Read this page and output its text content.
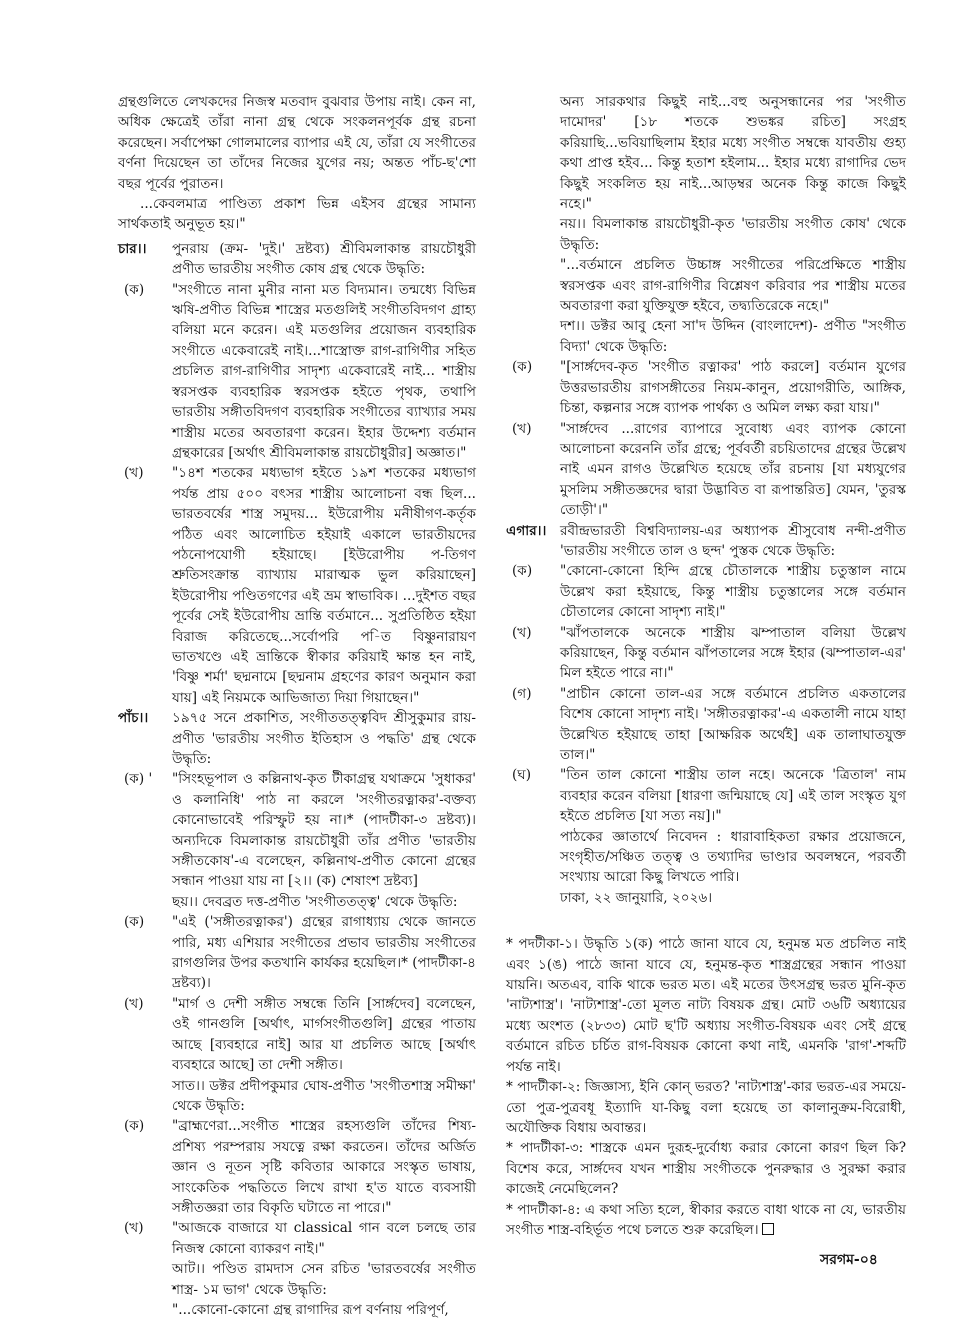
গ্রন্থগুলিতে লেখকদের নিজস্ব মতবাদ বুঝবার উপায় নাই। কেন না, অধিক ক্ষেত্রেই তাঁরা নানা গ্রন্থ থেকে সংকলনপূর্বক গ্রন্থ রচনা করেছেন। সর্বাপেক্ষা গোলমালের ব্যাপার এই যে, তাঁরা যে সংগীতের বর্ণনা দিয়েছেন তা তাঁদের নিজের যুগের নয়; অন্তত পাঁচ-ছ'শো বছর পূর্বের পুরাতন।

...কেবলমাত্র পাণ্ডিত্য প্রকাশ ভিন্ন এইসব গ্রন্থের সামান্য সার্থকতাই অনুভূত হয়।"

চার।।	পুনরায় (ক্রম- 'দুই।' দ্রষ্টব্য) শ্রীবিমলাকান্ত রায়চৌধুরী প্রণীত ভারতীয় সংগীত কোষ গ্রন্থ থেকে উদ্ধৃতি:
(ক)	"সংগীতে নানা মুনীর নানা মত বিদ্যমান। তন্মধ্যে বিভিন্ন ঋষি-প্রণীত বিভিন্ন শাস্ত্রের মতগুলিই সংগীতবিদগণ গ্রাহ্য বলিয়া মনে করেন। এই মতগুলির প্রয়োজন ব্যবহারিক সংগীতে একেবারেই নাই।...শাস্ত্রোক্ত রাগ-রাগিণীর সহিত প্রচলিত রাগ-রাগিণীর সাদৃশ্য একেবারেই নাই... শাস্ত্রীয় স্বরসপ্তক ব্যবহারিক স্বরসপ্তক হইতে পৃথক, তথাপি ভারতীয় সঙ্গীতবিদগণ ব্যবহারিক সংগীতের ব্যাখ্যার সময় শাস্ত্রীয় মতের অবতারণা করেন। ইহার উদ্দেশ্য বর্তমান গ্রন্থকারের [অর্থাৎ শ্রীবিমলাকান্ত রায়চৌধুরীর] অজ্ঞাত।"
(খ)	"১৪শ শতকের মধ্যভাগ হইতে ১৯শ শতকের মধ্যভাগ পর্যন্ত প্রায় ৫০০ বৎসর শাস্ত্রীয় আলোচনা বন্ধ ছিল... ভারতবর্ষের শাস্ত্র সমুদয়... ইউরোপীয় মনীষীগণ-কর্তৃক পঠিত এবং আলোচিত হইয়াই একালে ভারতীয়দের পঠনোপযোগী হইয়াছে। [ইউরোপীয় প-তিগণ শ্রুতিসংক্রান্ত ব্যাখ্যায় মারাত্মক ভুল করিয়াছেন] ইউরোপীয় পণ্ডিতগণের এই ভ্রম স্বাভাবিক। ...দুইশত বছর পূর্বের সেই ইউরোপীয় ভ্রান্তি বর্তমানে... সুপ্রতিষ্ঠিত হইয়া বিরাজ করিতেছে...সর্বোপরি প-িত বিষ্ণুনারায়ণ ভাতখণ্ডে এই ভ্রান্তিকে স্বীকার করিয়াই ক্ষান্ত হন নাই, 'বিষ্ণু শর্মা' ছদ্মনামে [ছদ্মনাম গ্রহণের কারণ অনুমান করা যায়] এই নিয়মকে আভিজাত্য দিয়া গিয়াছেন।"
পাঁচ।।	১৯৭৫ সনে প্রকাশিত, সংগীততত্ত্ববিদ শ্রীসুকুমার রায়-প্রণীত 'ভারতীয় সংগীত ইতিহাস ও পদ্ধতি' গ্রন্থ থেকে উদ্ধৃতি:
(ক) '	"সিংহভূপাল ও কল্লিনাথ-কৃত টীকাগ্রন্থ যথাক্রমে 'সুধাকর' ও কলানিধি' পাঠ না করলে 'সংগীতরত্নাকর'-বক্তব্য কোনোভাবেই পরিস্ফুট হয় না।* (পাদটীকা-৩ দ্রষ্টব্য)। অন্যদিকে বিমলাকান্ত রায়চৌধুরী তাঁর প্রণীত 'ভারতীয় সঙ্গীতকোষ'-এ বলেছেন, কল্লিনাথ-প্রণীত কোনো গ্রন্থের সন্ধান পাওয়া যায় না [২।। (ক) শেষাংশ দ্রষ্টব্য]
ছয়।। দেবব্রত দত্ত-প্রণীত 'সংগীততত্ত্ব' থেকে উদ্ধৃতি:
(ক)	"এই ('সঙ্গীতরত্নাকর') গ্রন্থের রাগাধ্যায় থেকে জানতে পারি, মধ্য এশিয়ার সংগীতের প্রভাব ভারতীয় সংগীতের রাগগুলির উপর কতখানি কার্যকর হয়েছিল।* (পাদটীকা-৪ দ্রষ্টব্য)।
(খ)	"মার্গ ও দেশী সঙ্গীত সম্বন্ধে তিনি [সার্ঙ্গদেব] বলেছেন, ওই গানগুলি [অর্থাৎ, মার্গসংগীতগুলি] গ্রন্থের পাতায় আছে [ব্যবহারে নাই] আর যা প্রচলিত আছে [অর্থাৎ ব্যবহারে আছে] তা দেশী সঙ্গীত।
সাত।। ডক্টর প্রদীপকুমার ঘোষ-প্রণীত 'সংগীতশাস্ত্র সমীক্ষা' থেকে উদ্ধৃতি:
(ক)	"ব্রাহ্মণেরা...সংগীত শাস্ত্রের রহস্যগুলি তাঁদের শিষ্য-প্রশিষ্য পরম্পরায় সযত্নে রক্ষা করতেন। তাঁদের অর্জিত জ্ঞান ও নূতন সৃষ্টি কবিতার আকারে সংস্কৃত ভাষায়, সাংকেতিক পদ্ধতিতে লিখে রাখা হ'ত যাতে ব্যবসায়ী সঙ্গীতজ্ঞরা তার বিকৃতি ঘটাতে না পারে।"
(খ)	"আজকে বাজারে যা classical গান বলে চলছে তার নিজস্ব কোনো ব্যাকরণ নাই।"
আট।। পণ্ডিত রামদাস সেন রচিত 'ভারতবর্ষের সংগীত শাস্ত্র- ১ম ভাগ' থেকে উদ্ধৃতি:
"...কোনো-কোনো গ্রন্থ রাগাদির রূপ বর্ণনায় পরিপূর্ণ,
অন্য সারকথার কিছুই নাই...বহু অনুসন্ধানের পর 'সংগীত দামোদর' [১৮ শতকে শুভঙ্কর রচিত] সংগ্রহ করিয়াছি...ভবিয়াছিলাম ইহার মধ্যে সংগীত সম্বন্ধে যাবতীয় গুহ্য কথা প্রাপ্ত হইব... কিন্তু হতাশ হইলাম... ইহার মধ্যে রাগাদির ভেদ কিছুই সংকলিত হয় নাই...আড়ম্বর অনেক কিন্তু কাজে কিছুই নহে।"
নয়।। বিমলাকান্ত রায়চৌধুরী-কৃত 'ভারতীয় সংগীত কোষ' থেকে উদ্ধৃতি:
"...বর্তমানে প্রচলিত উচ্চাঙ্গ সংগীতের পরিপ্রেক্ষিতে শাস্ত্রীয় স্বরসপ্তক এবং রাগ-রাগিণীর বিশ্লেষণ করিবার পর শাস্ত্রীয় মতের অবতারণা করা যুক্তিযুক্ত হইবে, তদ্ব্যতিরেকে নহে।"
দশ।। ডক্টর আবু হেনা সা'দ উদ্দিন (বাংলাদেশ)- প্রণীত "সংগীত বিদ্যা' থেকে উদ্ধৃতি:
(ক)	"[সার্ঙ্গদেব-কৃত 'সংগীত রত্নাকর' পাঠ করলে] বর্তমান যুগের উত্তরভারতীয় রাগসঙ্গীতের নিয়ম-কানুন, প্রয়োগরীতি, আঙ্গিক, চিন্তা, কল্পনার সঙ্গে ব্যাপক পার্থক্য ও অমিল লক্ষ্য করা যায়।"
(খ)	"সার্ঙ্গদেব ...রাগের ব্যাপারে সুবোধ্য এবং ব্যাপক কোনো আলোচনা করেননি তাঁর গ্রন্থে; পূর্ববর্তী রচয়িতাদের গ্রন্থের উল্লেখ নাই এমন রাগও উল্লেখিত হয়েছে তাঁর রচনায় [যা মধ্যযুগের মুসলিম সঙ্গীতজ্ঞদের দ্বারা উদ্ভাবিত বা রূপান্তরিত] যেমন, 'তুরস্ক তোড়ী'।"
এগার।। রবীন্দ্রভারতী বিশ্ববিদ্যালয়-এর অধ্যাপক শ্রীসুবোধ নন্দী-প্রণীত 'ভারতীয় সংগীতে তাল ও ছন্দ' পুস্তক থেকে উদ্ধৃতি:
(ক)	"কোনো-কোনো হিন্দি গ্রন্থে চৌতালকে শাস্ত্রীয় চতুস্তাল নামে উল্লেখ করা হইয়াছে, কিন্তু শাস্ত্রীয় চতুস্তালের সঙ্গে বর্তমান চৌতালের কোনো সাদৃশ্য নাই।"
(খ)	"ঝাঁপতালকে অনেকে শাস্ত্রীয় ঝম্পাতাল বলিয়া উল্লেখ করিয়াছেন, কিন্তু বর্তমান ঝাঁপতালের সঙ্গে ইহার (ঝম্পাতাল-এর' মিল হইতে পারে না।"
(গ)	"প্রাচীন কোনো তাল-এর সঙ্গে বর্তমানে প্রচলিত একতালের বিশেষ কোনো সাদৃশ্য নাই। 'সঙ্গীতরত্নাকর'-এ একতালী নামে যাহা উল্লেখিত হইয়াছে তাহা [আক্ষরিক অর্থেই] এক তালাঘাতযুক্ত তাল।"
(ঘ)	"তিন তাল কোনো শাস্ত্রীয় তাল নহে। অনেকে 'ত্রিতাল' নাম ব্যবহার করেন বলিয়া [ধারণা জন্মিয়াছে যে] এই তাল সংস্কৃত যুগ হইতে প্রচলিত [যা সত্য নয়]।"
পাঠকের জ্ঞাতার্থে নিবেদন : ধারাবাহিকতা রক্ষার প্রয়োজনে, সংগৃহীত/সঞ্চিত তত্ত্ব ও তথ্যাদির ভাণ্ডার অবলম্বনে, পরবর্তী সংখ্যায় আরো কিছু লিখতে পারি।
ঢাকা, ২২ জানুয়ারি, ২০২৬।

* পদটীকা-১। উদ্ধৃতি ১(ক) পাঠে জানা যাবে যে, হনুমন্ত মত প্রচলিত নাই এবং ১(ঙ) পাঠে জানা যাবে যে, হনুমন্ত-কৃত শাস্ত্রগ্রন্থের সন্ধান পাওয়া যায়নি। অতএব, বাকি থাকে ভরত মত। এই মতের উৎসগ্রন্থ ভরত মুনি-কৃত 'নাট্যশাস্ত্র'। 'নাট্যশাস্ত্র'-তো মূলত নাট্য বিষয়ক গ্রন্থ। মোট ৩৬টি অধ্যায়ের মধ্যে অংশত (২৮৩৩) মোট ছ'টি অধ্যায় সংগীত-বিষয়ক এবং সেই গ্রন্থে বর্তমানে রচিত চর্চিত রাগ-বিষয়ক কোনো কথা নাই, এমনকি 'রাগ'-শব্দটি পর্যন্ত নাই।

* পাদটীকা-২: জিজ্ঞাস্য, ইনি কোন্ ভরত? 'নাট্যশাস্ত্র'-কার ভরত-এর সময়ে-তো পুত্র-পুত্রবধূ ইত্যাদি যা-কিছু বলা হয়েছে তা কালানুক্রম-বিরোধী, অযৌক্তিক বিধায় অবান্তর।

* পাদটীকা-৩: শাস্ত্রকে এমন দুরূহ-দুর্বোধ্য করার কোনো কারণ ছিল কি? বিশেষ করে, সার্ঙ্গদেব যখন শাস্ত্রীয় সংগীতকে পুনরুদ্ধার ও সুরক্ষা করার কাজেই নেমেছিলেন?

* পাদটীকা-৪: এ কথা সত্যি হলে, স্বীকার করতে বাধা থাকে না যে, ভারতীয় সংগীত শাস্ত্র-বহির্ভূত পথে চলতে শুরু করেছিল।

সরগম-০৪
